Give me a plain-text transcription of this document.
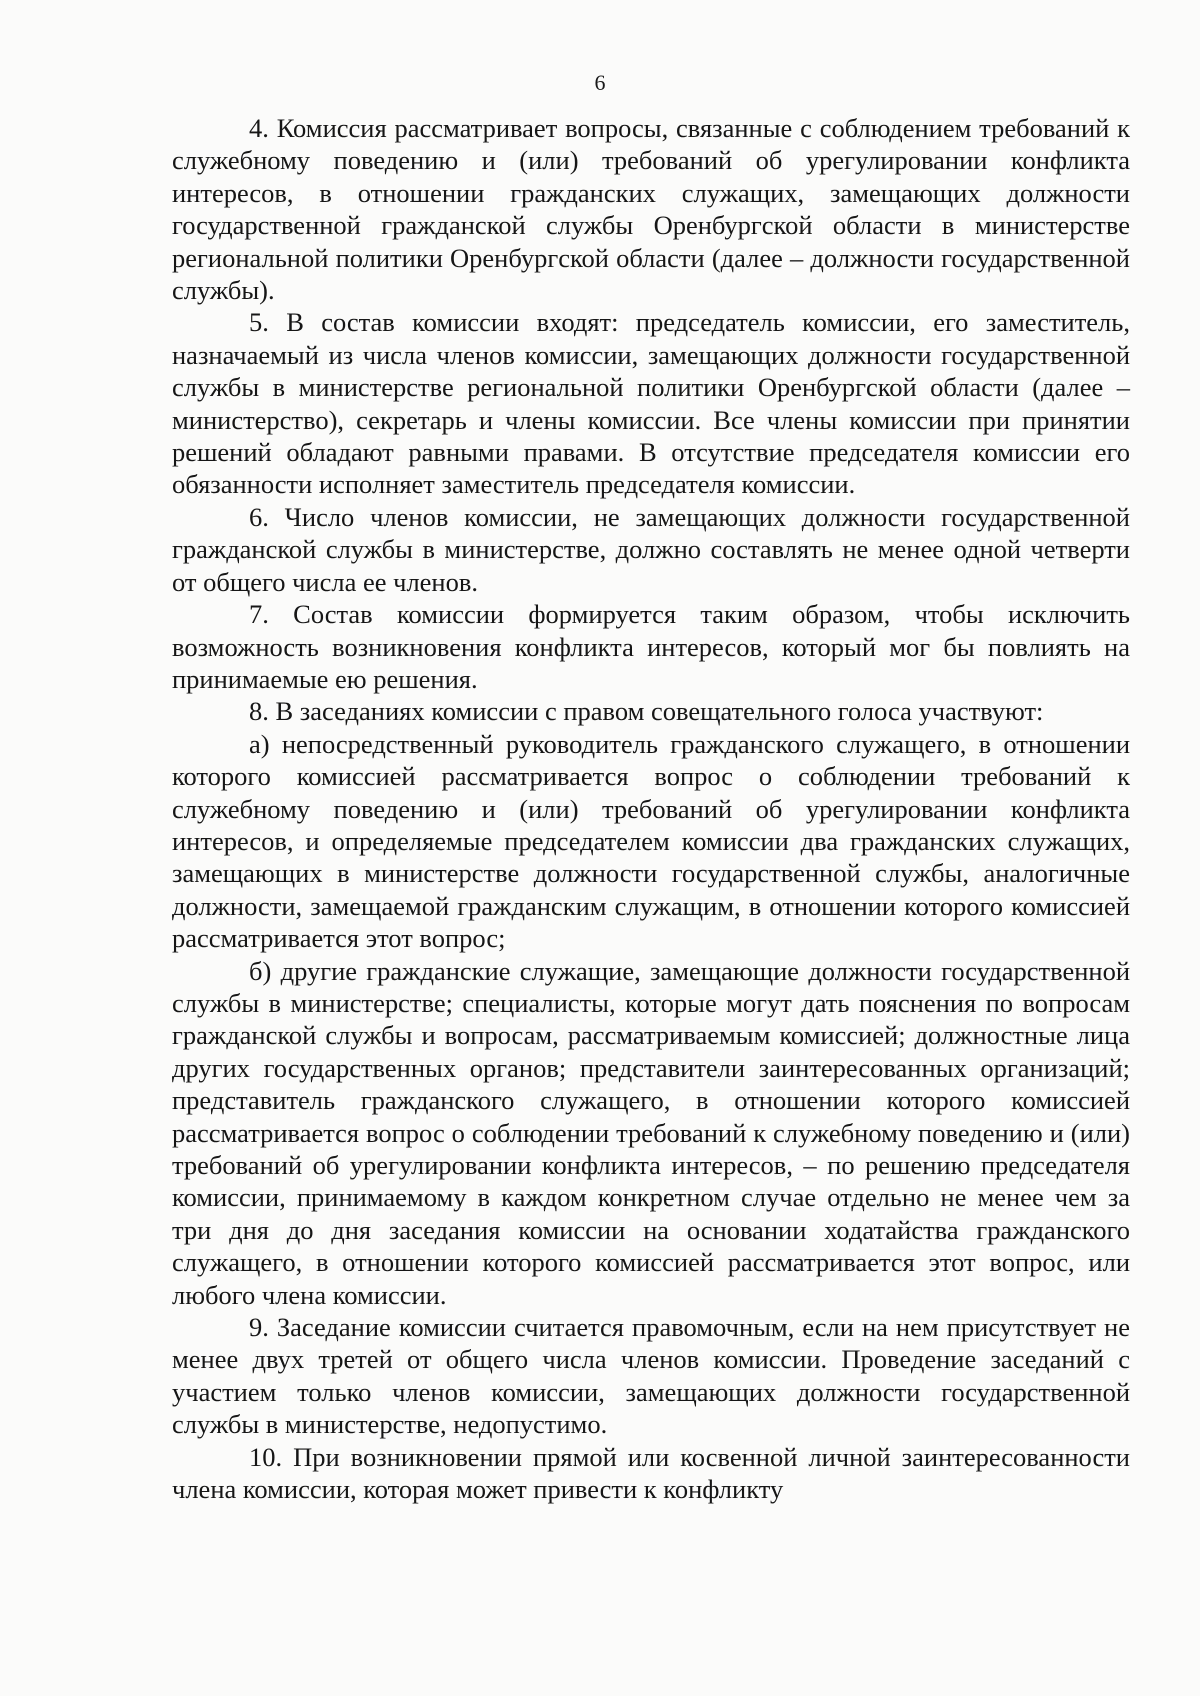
6

4. Комиссия рассматривает вопросы, связанные с соблюдением требований к служебному поведению и (или) требований об урегулировании конфликта интересов, в отношении гражданских служащих, замещающих должности государственной гражданской службы Оренбургской области в министерстве региональной политики Оренбургской области (далее – должности государственной службы).

5. В состав комиссии входят: председатель комиссии, его заместитель, назначаемый из числа членов комиссии, замещающих должности государственной службы в министерстве региональной политики Оренбургской области (далее – министерство), секретарь и члены комиссии. Все члены комиссии при принятии решений обладают равными правами. В отсутствие председателя комиссии его обязанности исполняет заместитель председателя комиссии.

6. Число членов комиссии, не замещающих должности государственной гражданской службы в министерстве, должно составлять не менее одной четверти от общего числа ее членов.

7. Состав комиссии формируется таким образом, чтобы исключить возможность возникновения конфликта интересов, который мог бы повлиять на принимаемые ею решения.

8. В заседаниях комиссии с правом совещательного голоса участвуют:

а) непосредственный руководитель гражданского служащего, в отношении которого комиссией рассматривается вопрос о соблюдении требований к служебному поведению и (или) требований об урегулировании конфликта интересов, и определяемые председателем комиссии два гражданских служащих, замещающих в министерстве должности государственной службы, аналогичные должности, замещаемой гражданским служащим, в отношении которого комиссией рассматривается этот вопрос;

б) другие гражданские служащие, замещающие должности государственной службы в министерстве; специалисты, которые могут дать пояснения по вопросам гражданской службы и вопросам, рассматриваемым комиссией; должностные лица других государственных органов; представители заинтересованных организаций; представитель гражданского служащего, в отношении которого комиссией рассматривается вопрос о соблюдении требований к служебному поведению и (или) требований об урегулировании конфликта интересов, – по решению председателя комиссии, принимаемому в каждом конкретном случае отдельно не менее чем за три дня до дня заседания комиссии на основании ходатайства гражданского служащего, в отношении которого комиссией рассматривается этот вопрос, или любого члена комиссии.

9. Заседание комиссии считается правомочным, если на нем присутствует не менее двух третей от общего числа членов комиссии. Проведение заседаний с участием только членов комиссии, замещающих должности государственной службы в министерстве, недопустимо.

10. При возникновении прямой или косвенной личной заинтересованности члена комиссии, которая может привести к конфликту
